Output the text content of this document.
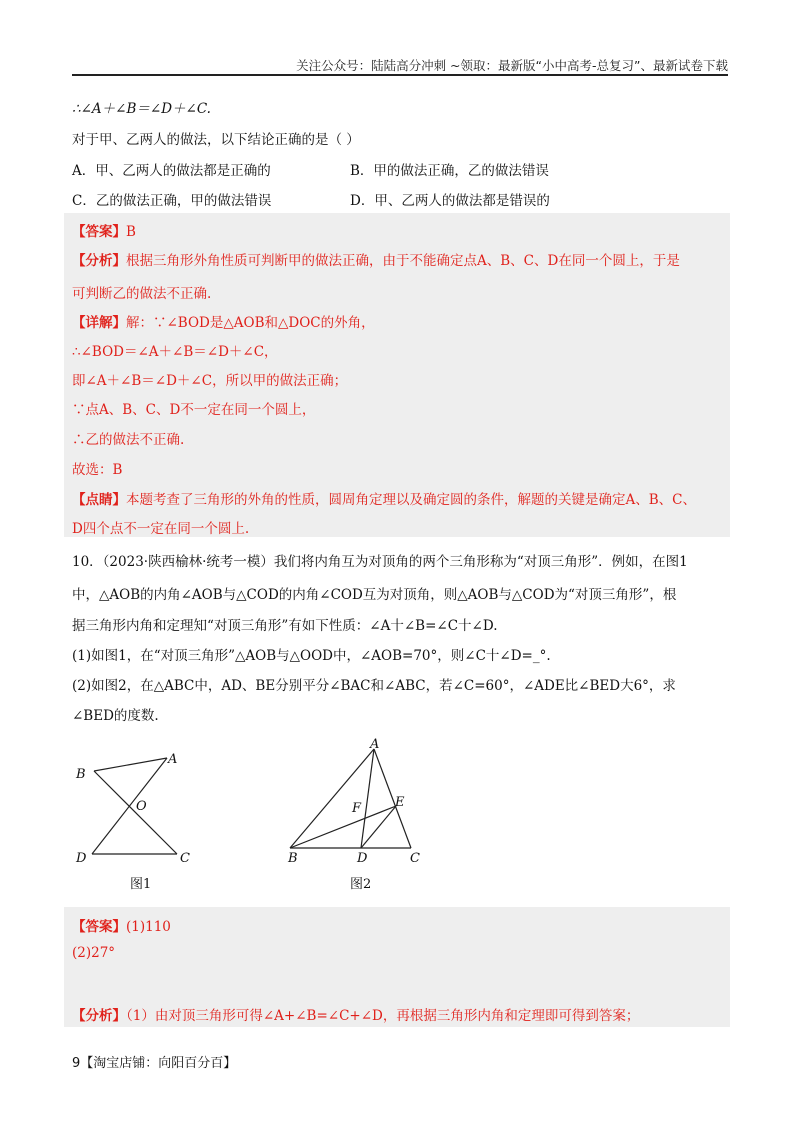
关注公众号：陆陆高分冲刺 ~领取：最新版“小中高考-总复习”、最新试卷下载
∴∠A＋∠B＝∠D＋∠C.
对于甲、乙两人的做法，以下结论正确的是（ ）
A．甲、乙两人的做法都是正确的	B．甲的做法正确，乙的做法错误
C．乙的做法正确，甲的做法错误	D．甲、乙两人的做法都是错误的
【答案】B
【分析】根据三角形外角性质可判断甲的做法正确，由于不能确定点A、B、C、D在同一个圆上，于是
可判断乙的做法不正确.
【详解】解：∵∠BOD是△AOB和△DOC的外角，
∴∠BOD＝∠A＋∠B＝∠D＋∠C，
即∠A＋∠B＝∠D＋∠C，所以甲的做法正确；
∵点A、B、C、D不一定在同一个圆上，
∴乙的做法不正确.
故选：B
【点睛】本题考查了三角形的外角的性质，圆周角定理以及确定圆的条件，解题的关键是确定A、B、C、
D四个点不一定在同一个圆上.
10．（2023·陕西榆林·统考一模）我们将内角互为对顶角的两个三角形称为“对顶三角形”．例如，在图1
中，△AOB的内角∠AOB与△COD的内角∠COD互为对顶角，则△AOB与△COD为“对顶三角形”，根
据三角形内角和定理知“对顶三角形”有如下性质：∠A十∠B=∠C十∠D.
(1)如图1，在“对顶三角形”△AOB与△OOD中，∠AOB=70°，则∠C十∠D=_°.
(2)如图2，在△ABC中，AD、BE分别平分∠BAC和∠ABC，若∠C=60°，∠ADE比∠BED大6°，求
∠BED的度数.
B
A
O
D	C
图1
A
E
F
B	D	C
图2
【答案】(1)110
(2)27°
【分析】（1）由对顶三角形可得∠A+∠B=∠C+∠D，再根据三角形内角和定理即可得到答案；
9【淘宝店铺：向阳百分百】
